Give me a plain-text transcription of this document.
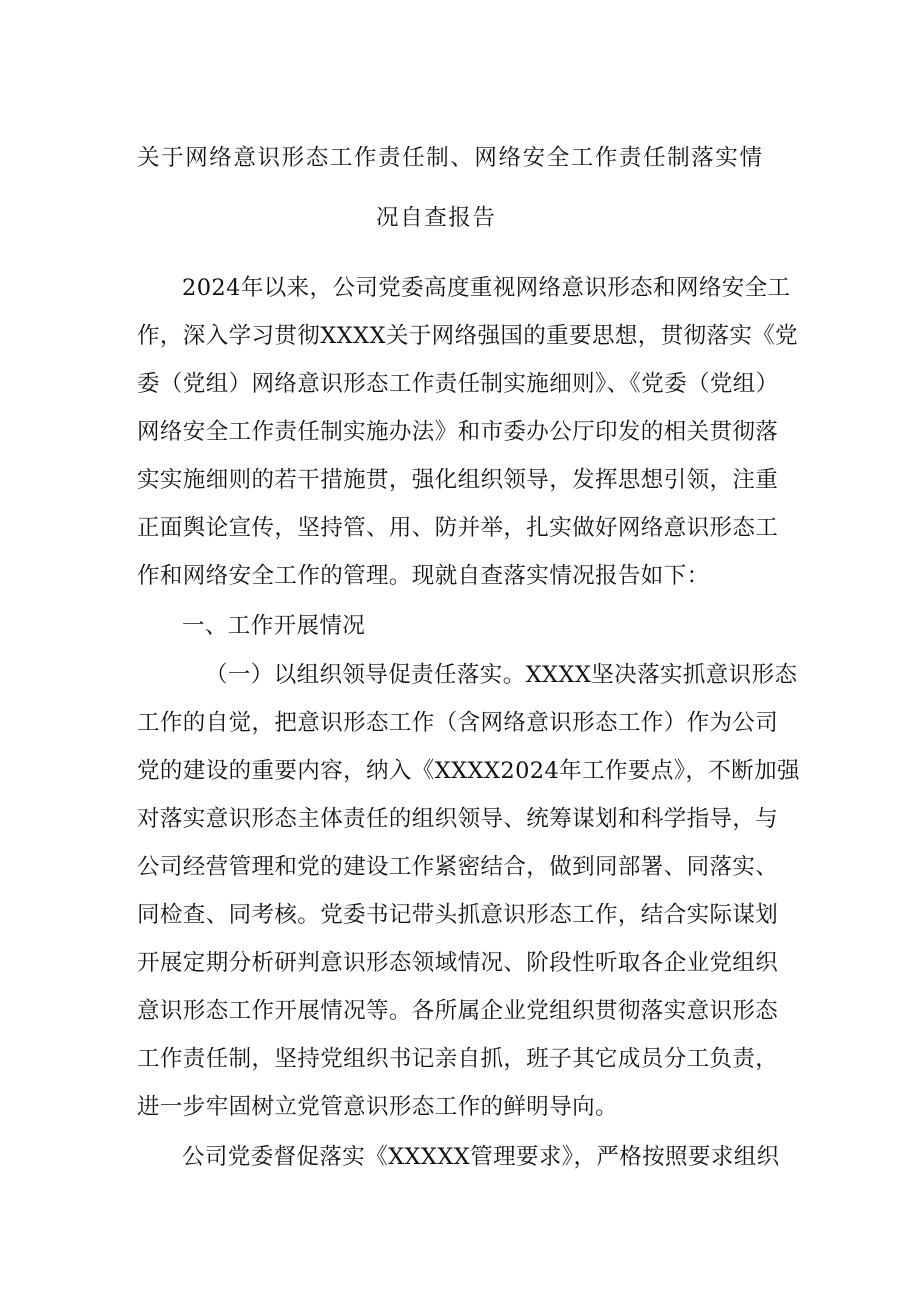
关于网络意识形态工作责任制、网络安全工作责任制落实情
况自查报告
2024年以来，公司党委高度重视网络意识形态和网络安全工
作，深入学习贯彻XXXX关于网络强国的重要思想，贯彻落实《党
委（党组）网络意识形态工作责任制实施细则》、《党委（党组）
网络安全工作责任制实施办法》和市委办公厅印发的相关贯彻落
实实施细则的若干措施贯，强化组织领导，发挥思想引领，注重
正面舆论宣传，坚持管、用、防并举，扎实做好网络意识形态工
作和网络安全工作的管理。现就自查落实情况报告如下：
一、工作开展情况
（一）以组织领导促责任落实。XXXX坚决落实抓意识形态
工作的自觉，把意识形态工作（含网络意识形态工作）作为公司
党的建设的重要内容，纳入《XXXX2024年工作要点》，不断加强
对落实意识形态主体责任的组织领导、统筹谋划和科学指导，与
公司经营管理和党的建设工作紧密结合，做到同部署、同落实、
同检查、同考核。党委书记带头抓意识形态工作，结合实际谋划
开展定期分析研判意识形态领域情况、阶段性听取各企业党组织
意识形态工作开展情况等。各所属企业党组织贯彻落实意识形态
工作责任制，坚持党组织书记亲自抓，班子其它成员分工负责，
进一步牢固树立党管意识形态工作的鲜明导向。
公司党委督促落实《XXXXX管理要求》，严格按照要求组织
